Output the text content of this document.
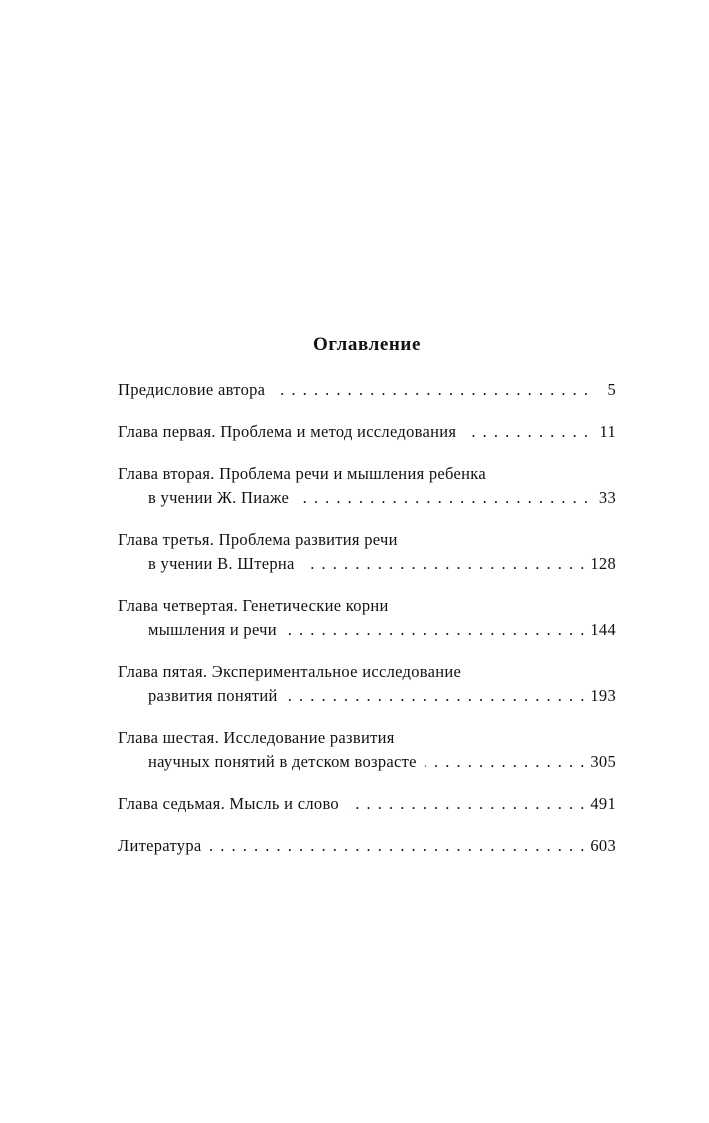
Оглавление
Предисловие автора . . .	5
Глава первая. Проблема и метод исследования . . .	11
Глава вторая. Проблема речи и мышления ребенка
в учении Ж. Пиаже . . .	33
Глава третья. Проблема развития речи
в учении В. Штерна . . .	128
Глава четвертая. Генетические корни
мышления и речи . . .	144
Глава пятая. Экспериментальное исследование
развития понятий . . .	193
Глава шестая. Исследование развития
научных понятий в детском возрасте . . .	305
Глава седьмая. Мысль и слово . . .	491
Литература . . .	603
